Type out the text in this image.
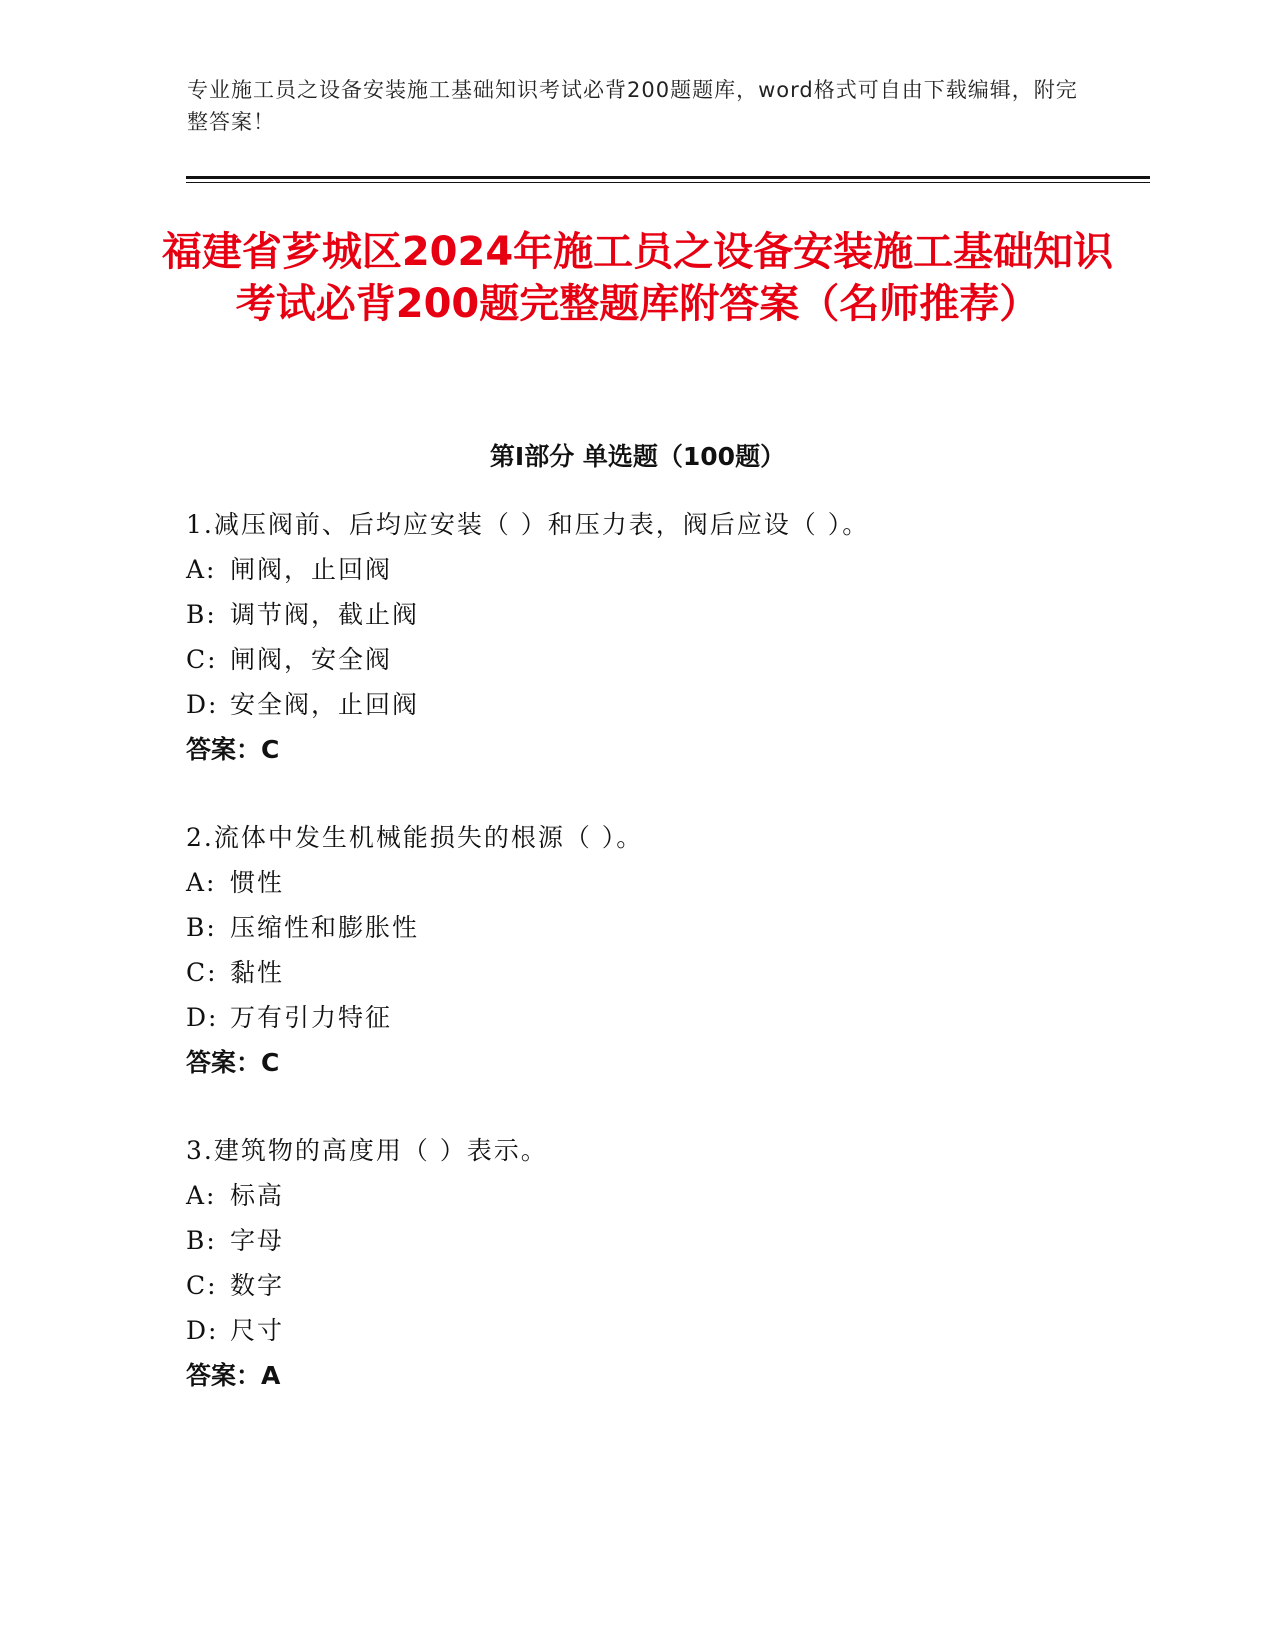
专业施工员之设备安装施工基础知识考试必背200题题库，word格式可自由下载编辑，附完整答案！
福建省芗城区2024年施工员之设备安装施工基础知识考试必背200题完整题库附答案（名师推荐）
第Ⅰ部分 单选题（100题）
1.减压阀前、后均应安装（ ）和压力表，阀后应设（ ）。
A: 闸阀，止回阀
B: 调节阀，截止阀
C: 闸阀，安全阀
D: 安全阀，止回阀
答案：C
2.流体中发生机械能损失的根源（ ）。
A: 惯性
B: 压缩性和膨胀性
C: 黏性
D: 万有引力特征
答案：C
3.建筑物的高度用（ ）表示。
A: 标高
B: 字母
C: 数字
D: 尺寸
答案：A
